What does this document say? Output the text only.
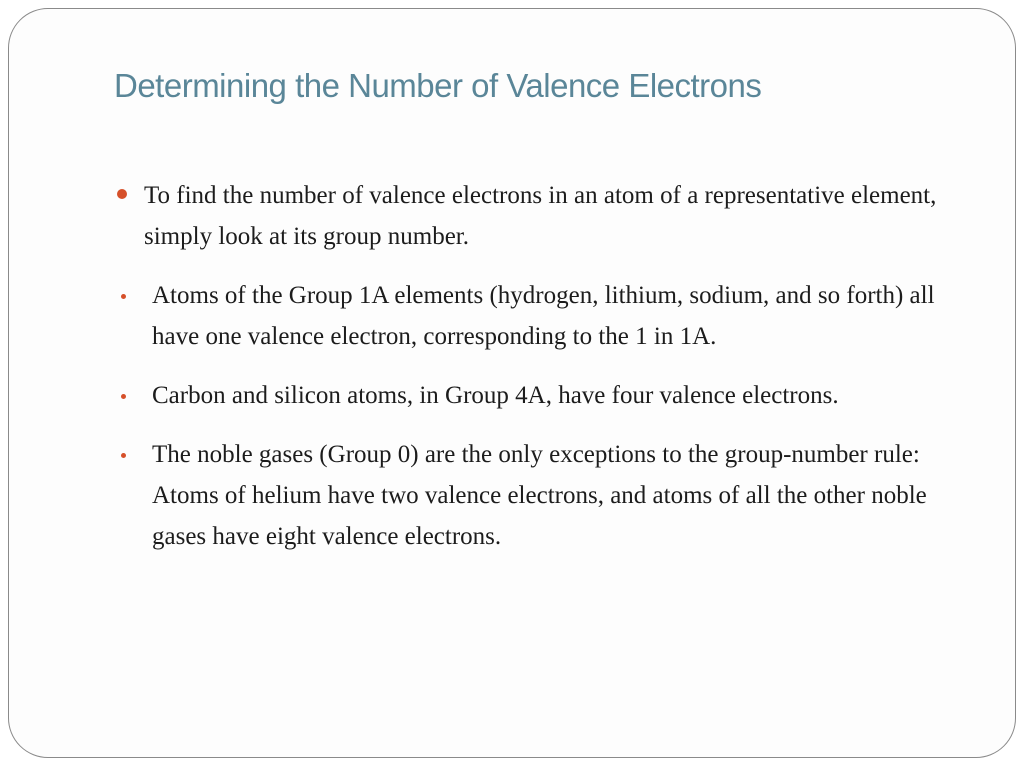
Determining the Number of Valence Electrons
To find the number of valence electrons in an atom of a representative element, simply look at its group number.
Atoms of the Group 1A elements (hydrogen, lithium, sodium, and so forth) all have one valence electron, corresponding to the 1 in 1A.
Carbon and silicon atoms, in Group 4A, have four valence electrons.
The noble gases (Group 0) are the only exceptions to the group-number rule: Atoms of helium have two valence electrons, and atoms of all the other noble gases have eight valence electrons.
